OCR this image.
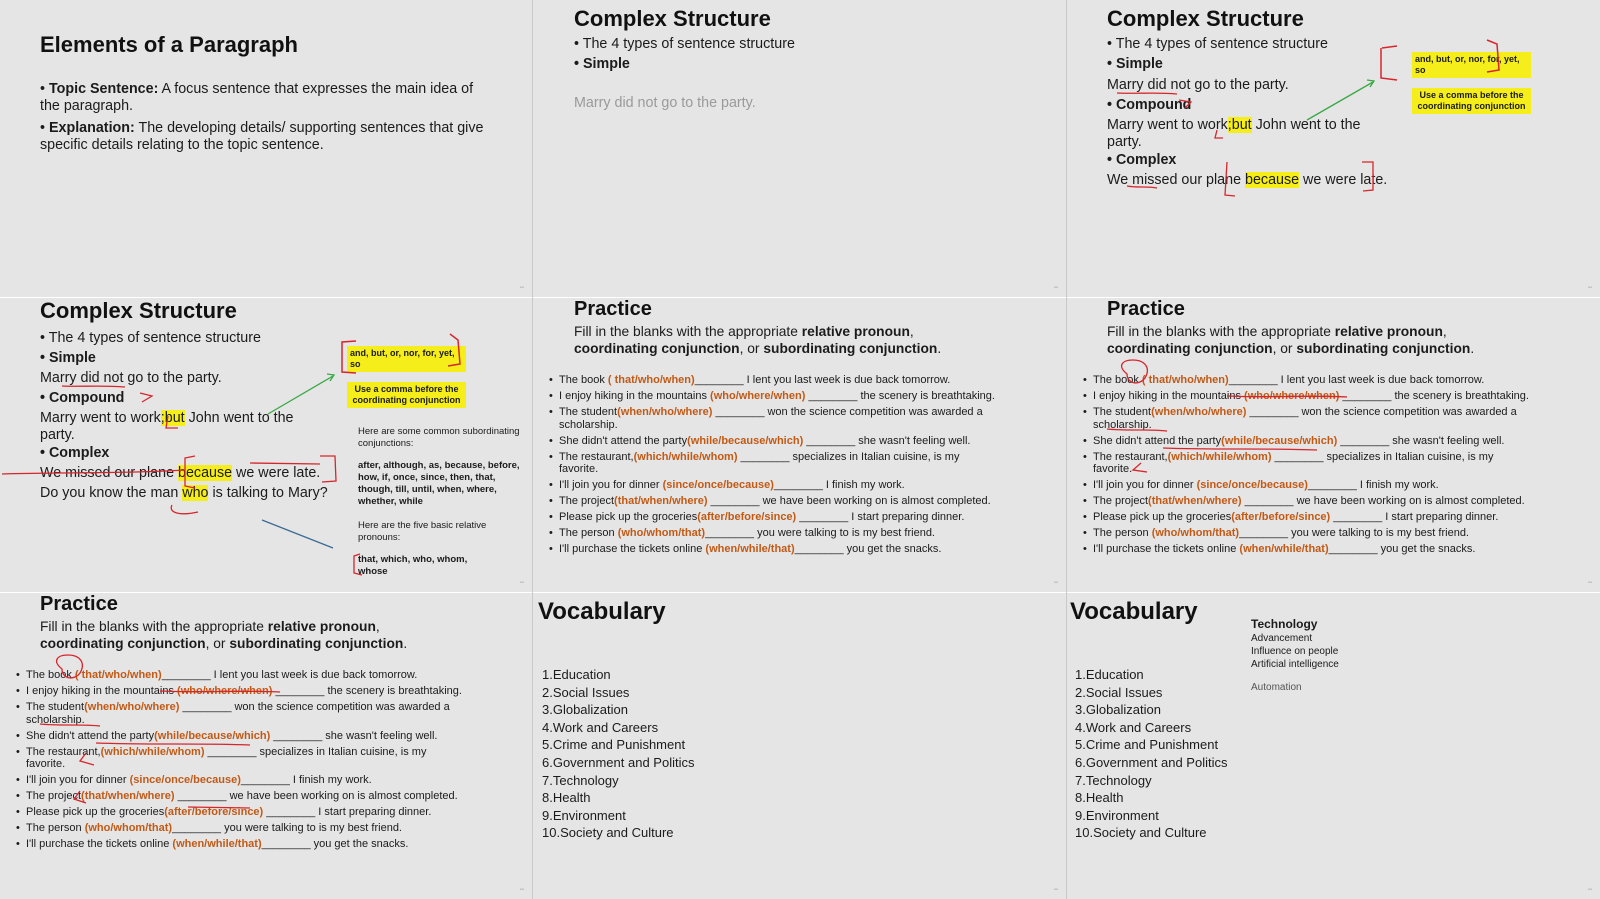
Elements of a Paragraph
• Topic Sentence: A focus sentence that expresses the main idea of the paragraph.
• Explanation: The developing details/ supporting sentences that give specific details relating to the topic sentence.
▪▪
Complex Structure
• The 4 types of sentence structure
• Simple
Marry did not go to the party.
▪▪
Complex Structure
• The 4 types of sentence structure
• Simple
Marry did not go to the party.
• Compound
Marry went to work;but John went to the party.
• Complex
We missed our plane because we were late.
and, but, or, nor, for, yet, so
Use a comma before the coordinating conjunction
▪▪
Complex Structure
• The 4 types of sentence structure
• Simple
Marry did not go to the party.
• Compound
Marry went to work;but John went to the party.
• Complex
We missed our plane because we were late.
Do you know the man who is talking to Mary?
and, but, or, nor, for, yet, so
Use a comma before the coordinating conjunction
Here are some common subordinating conjunctions:
after, although, as, because, before, how, if, once, since, then, that, though, till, until, when, where, whether, while
Here are the five basic relative pronouns:
that, which, who, whom, whose
▪▪
Practice
Fill in the blanks with the appropriate relative pronoun, coordinating conjunction, or subordinating conjunction.
• The book ( that/who/when)________ I lent you last week is due back tomorrow.
• I enjoy hiking in the mountains (who/where/when) ________ the scenery is breathtaking.
• The student(when/who/where) ________ won the science competition was awarded a scholarship.
• She didn't attend the party(while/because/which) ________ she wasn't feeling well.
• The restaurant,(which/while/whom) ________ specializes in Italian cuisine, is my favorite.
• I'll join you for dinner (since/once/because)________ I finish my work.
• The project(that/when/where) ________ we have been working on is almost completed.
• Please pick up the groceries(after/before/since) ________ I start preparing dinner.
• The person (who/whom/that)________ you were talking to is my best friend.
• I'll purchase the tickets online (when/while/that)________ you get the snacks.
▪▪
Practice
Fill in the blanks with the appropriate relative pronoun, coordinating conjunction, or subordinating conjunction.
• The book ( that/who/when)________ I lent you last week is due back tomorrow.
• I enjoy hiking in the mountains (who/where/when) ________ the scenery is breathtaking.
• The student(when/who/where) ________ won the science competition was awarded a scholarship.
• She didn't attend the party(while/because/which) ________ she wasn't feeling well.
• The restaurant,(which/while/whom) ________ specializes in Italian cuisine, is my favorite.
• I'll join you for dinner (since/once/because)________ I finish my work.
• The project(that/when/where) ________ we have been working on is almost completed.
• Please pick up the groceries(after/before/since) ________ I start preparing dinner.
• The person (who/whom/that)________ you were talking to is my best friend.
• I'll purchase the tickets online (when/while/that)________ you get the snacks.
▪▪
Practice
Fill in the blanks with the appropriate relative pronoun, coordinating conjunction, or subordinating conjunction.
• The book ( that/who/when)________ I lent you last week is due back tomorrow.
• I enjoy hiking in the mountains (who/where/when) ________ the scenery is breathtaking.
• The student(when/who/where) ________ won the science competition was awarded a scholarship.
• She didn't attend the party(while/because/which) ________ she wasn't feeling well.
• The restaurant,(which/while/whom) ________ specializes in Italian cuisine, is my favorite.
• I'll join you for dinner (since/once/because)________ I finish my work.
• The project(that/when/where) ________ we have been working on is almost completed.
• Please pick up the groceries(after/before/since) ________ I start preparing dinner.
• The person (who/whom/that)________ you were talking to is my best friend.
• I'll purchase the tickets online (when/while/that)________ you get the snacks.
▪▪
Vocabulary
1.Education
2.Social Issues
3.Globalization
4.Work and Careers
5.Crime and Punishment
6.Government and Politics
7.Technology
8.Health
9.Environment
10.Society and Culture
▪▪
Vocabulary
1.Education
2.Social Issues
3.Globalization
4.Work and Careers
5.Crime and Punishment
6.Government and Politics
7.Technology
8.Health
9.Environment
10.Society and Culture
Technology
Advancement
Influence on people
Artificial intelligence
Automation
▪▪
